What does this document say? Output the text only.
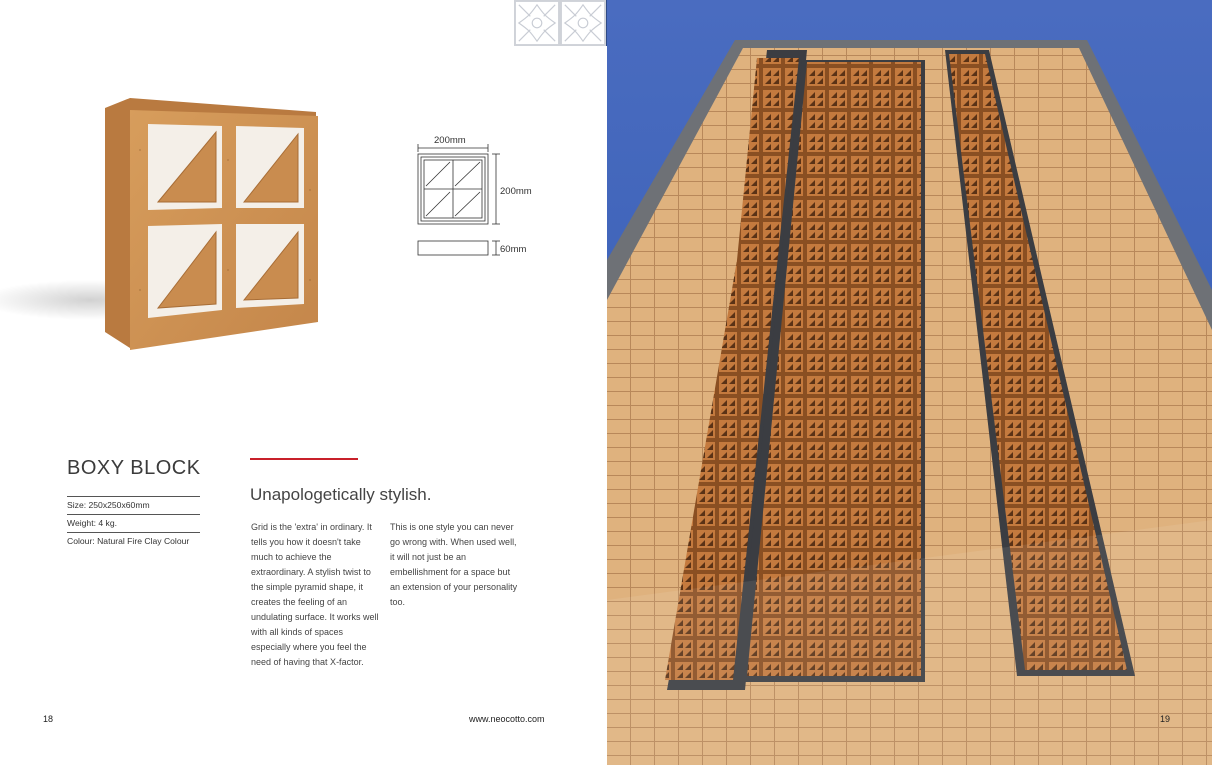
200mm
200mm
60mm
BOXY BLOCK
Unapologetically stylish.
Size: 250x250x60mm
Weight: 4 kg.
Colour: Natural Fire Clay Colour

Grid is the 'extra' in ordinary. It tells you how it doesn't take much to achieve the extraordinary. A stylish twist to the simple pyramid shape, it creates the feeling of an undulating surface. It works well with all kinds of spaces especially where you feel the need of having that X-factor.

This is one style you can never go wrong with. When used well, it will not just be an embellishment for a space but an extension of your personality too.

18	www.neocotto.com	19
